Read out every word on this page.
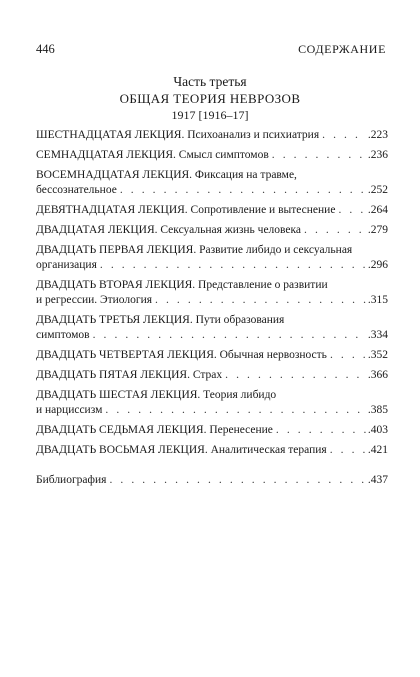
446	СОДЕРЖАНИЕ
Часть третья
ОБЩАЯ ТЕОРИЯ НЕВРОЗОВ
1917 [1916–17]
ШЕСТНАДЦАТАЯ ЛЕКЦИЯ. Психоанализ и психиатрия . . .	.223
СЕМНАДЦАТАЯ ЛЕКЦИЯ. Смысл симптомов . . .	.236
ВОСЕМНАДЦАТАЯ ЛЕКЦИЯ. Фиксация на травме,
бессознательное . . .	.252
ДЕВЯТНАДЦАТАЯ ЛЕКЦИЯ. Сопротивление и вытеснение . . .	.264
ДВАДЦАТАЯ ЛЕКЦИЯ. Сексуальная жизнь человека . . .	.279
ДВАДЦАТЬ ПЕРВАЯ ЛЕКЦИЯ. Развитие либидо и сексуальная
организация . . .	.296
ДВАДЦАТЬ ВТОРАЯ ЛЕКЦИЯ. Представление о развитии
и регрессии. Этиология . . .	.315
ДВАДЦАТЬ ТРЕТЬЯ ЛЕКЦИЯ. Пути образования
симптомов . . .	.334
ДВАДЦАТЬ ЧЕТВЕРТАЯ ЛЕКЦИЯ. Обычная нервозность . . .	.352
ДВАДЦАТЬ ПЯТАЯ ЛЕКЦИЯ. Страх . . .	.366
ДВАДЦАТЬ ШЕСТАЯ ЛЕКЦИЯ. Теория либидо
и нарциссизм . . .	.385
ДВАДЦАТЬ СЕДЬМАЯ ЛЕКЦИЯ. Перенесение . . .	.403
ДВАДЦАТЬ ВОСЬМАЯ ЛЕКЦИЯ. Аналитическая терапия . . .	.421
Библиография . . .	.437
